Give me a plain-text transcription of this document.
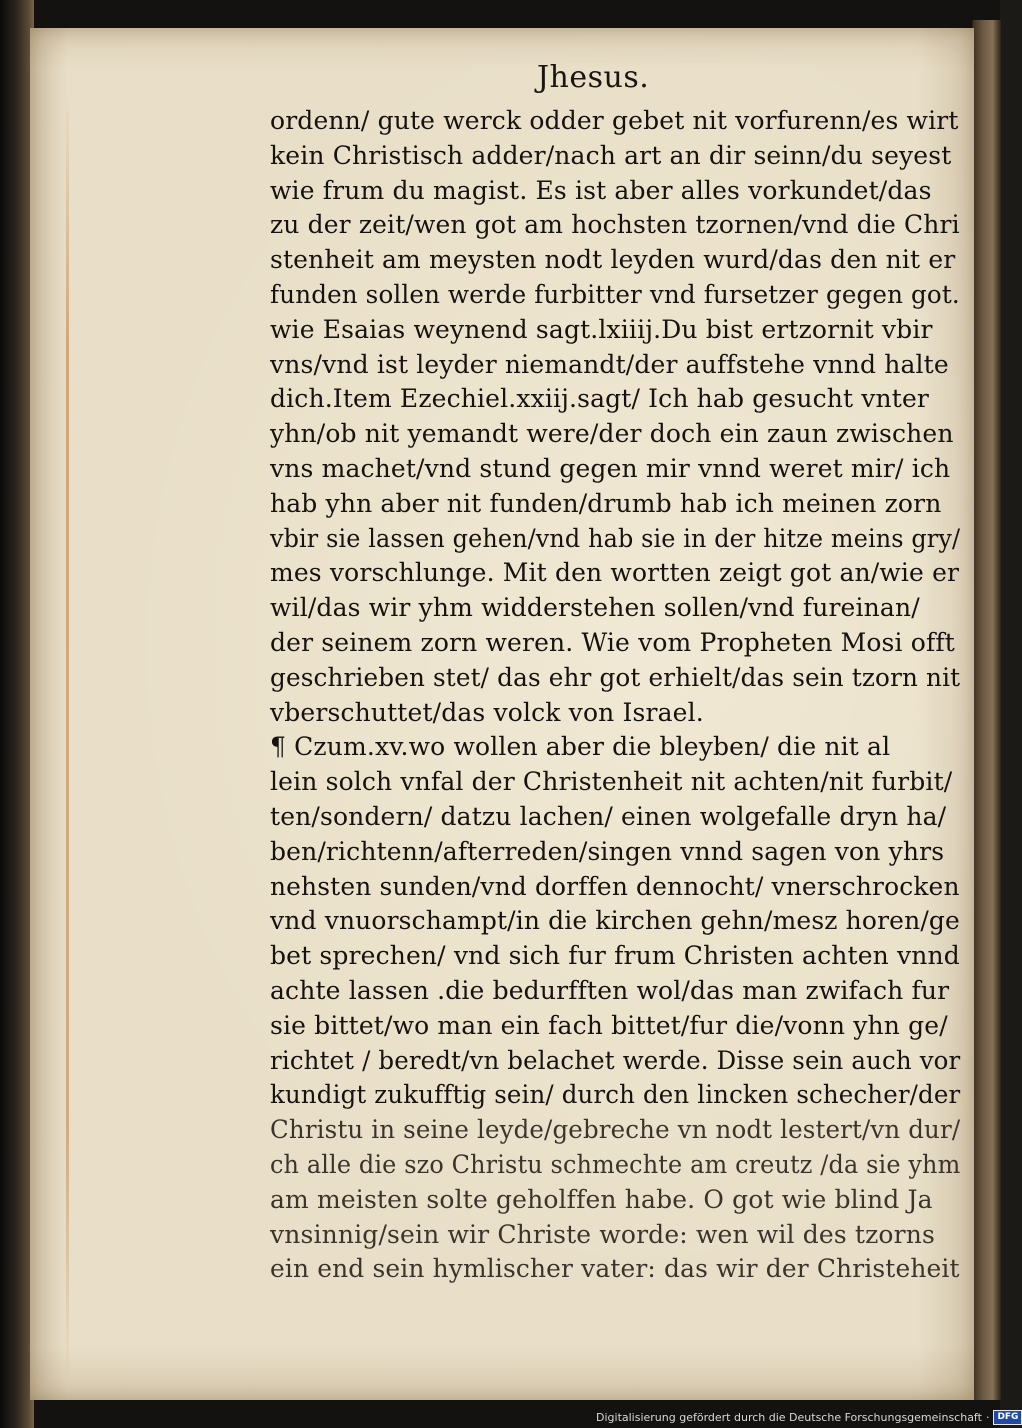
Jhesus.
ordenn/ gute werck odder gebet nit vorfurenn/es wirt
kein Christisch adder/nach art an dir seinn/du seyest
wie frum du magist. Es ist aber alles vorkundet/das
zu der zeit/wen got am hochsten tzornen/vnd die Chri
stenheit am meysten nodt leyden wurd/das den nit er
funden sollen werde furbitter vnd fursetzer gegen got.
wie Esaias weynend sagt.lxiiij.Du bist ertzornit vbir
vns/vnd ist leyder niemandt/der auffstehe vnnd halte
dich.Item Ezechiel.xxiij.sagt/ Ich hab gesucht vnter
yhn/ob nit yemandt were/der doch ein zaun zwischen
vns machet/vnd stund gegen mir vnnd weret mir/ ich
hab yhn aber nit funden/drumb hab ich meinen zorn
vbir sie lassen gehen/vnd hab sie in der hitze meins gry/
mes vorschlunge. Mit den wortten zeigt got an/wie er
wil/das wir yhm widderstehen sollen/vnd fureinan/
der seinem zorn weren. Wie vom Propheten Mosi offt
geschrieben stet/ das ehr got erhielt/das sein tzorn nit
vberschuttet/das volck von Israel.
¶ Czum.xv.wo wollen aber die bleyben/ die nit al
lein solch vnfal der Christenheit nit achten/nit furbit/
ten/sondern/ datzu lachen/ einen wolgefalle dryn ha/
ben/richtenn/afterreden/singen vnnd sagen von yhrs
nehsten sunden/vnd dorffen dennocht/ vnerschrocken
vnd vnuorschampt/in die kirchen gehn/mesz horen/ge
bet sprechen/ vnd sich fur frum Christen achten vnnd
achte lassen .die bedurfften wol/das man zwifach fur
sie bittet/wo man ein fach bittet/fur die/vonn yhn ge/
richtet / beredt/vn belachet werde. Disse sein auch vor
kundigt zukufftig sein/ durch den lincken schecher/der
Christu in seine leyde/gebreche vn nodt lestert/vn dur/
ch alle die szo Christu schmechte am creutz /da sie yhm
am meisten solte geholffen habe. O got wie blind Ja
vnsinnig/sein wir Christe worde: wen wil des tzorns
ein end sein hymlischer vater: das wir der Christeheit
Digitalisierung gefördert durch die Deutsche Forschungsgemeinschaft · DFG
